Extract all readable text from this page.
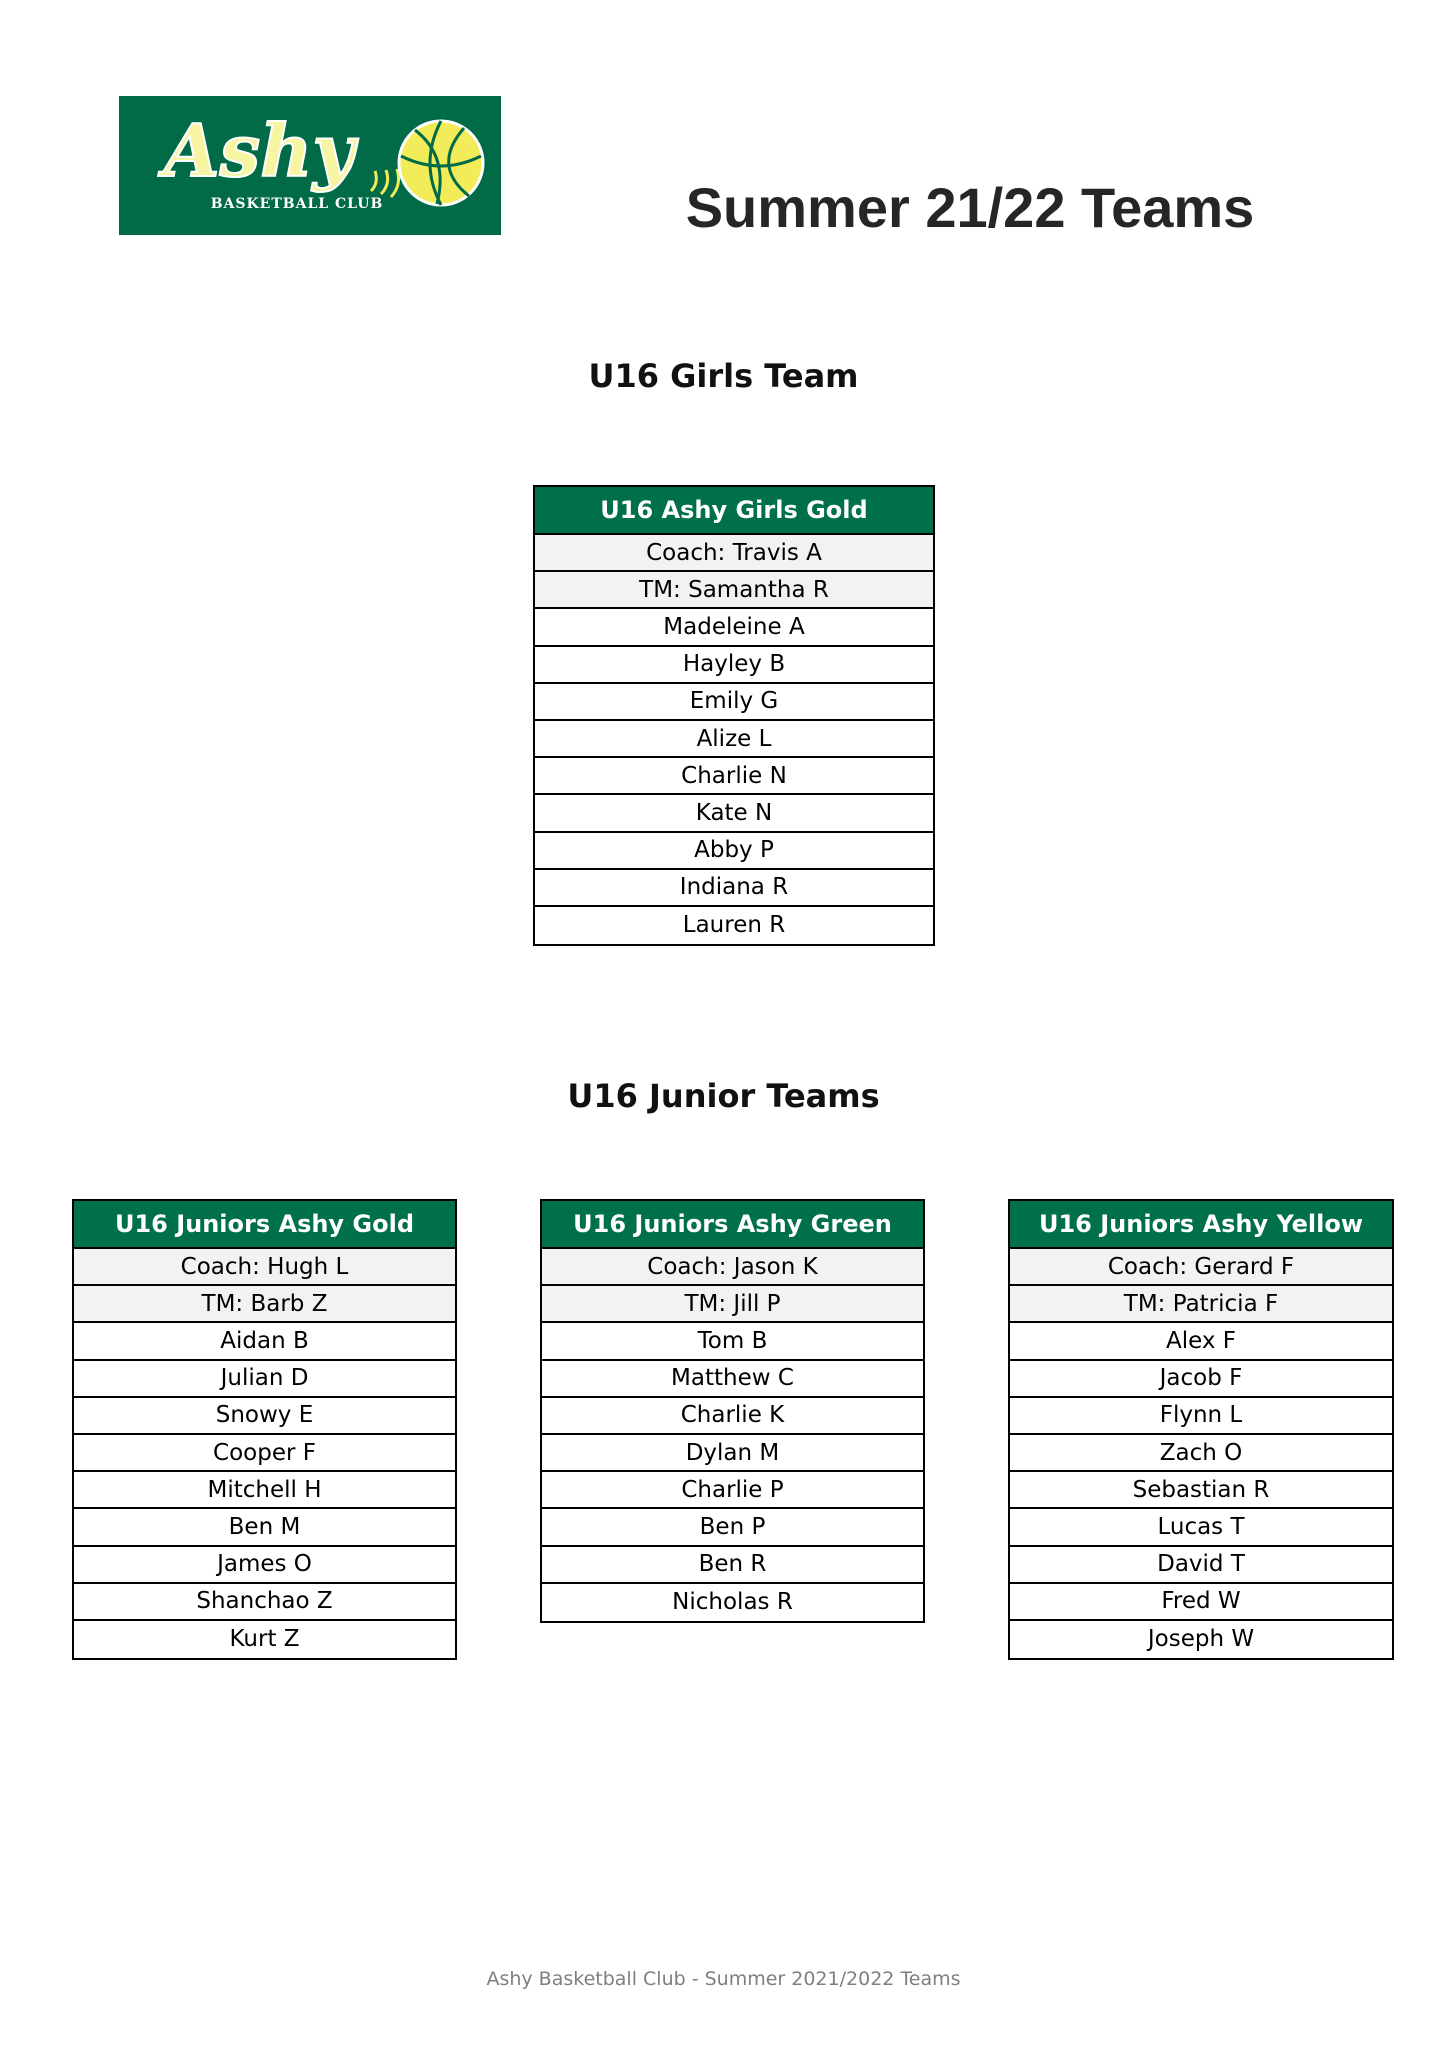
Ashy
BASKETBALL CLUB	Summer 21/22 Teams
U16 Girls Team
U16 Ashy Girls Gold
Coach: Travis A
TM: Samantha R
Madeleine A
Hayley B
Emily G
Alize L
Charlie N
Kate N
Abby P
Indiana R
Lauren R
U16 Junior Teams
U16 Juniors Ashy Gold
Coach: Hugh L
TM: Barb Z
Aidan B
Julian D
Snowy E
Cooper F
Mitchell H
Ben M
James O
Shanchao Z
Kurt Z
U16 Juniors Ashy Green
Coach: Jason K
TM: Jill P
Tom B
Matthew C
Charlie K
Dylan M
Charlie P
Ben P
Ben R
Nicholas R
U16 Juniors Ashy Yellow
Coach: Gerard F
TM: Patricia F
Alex F
Jacob F
Flynn L
Zach O
Sebastian R
Lucas T
David T
Fred W
Joseph W
Ashy Basketball Club - Summer 2021/2022 Teams
